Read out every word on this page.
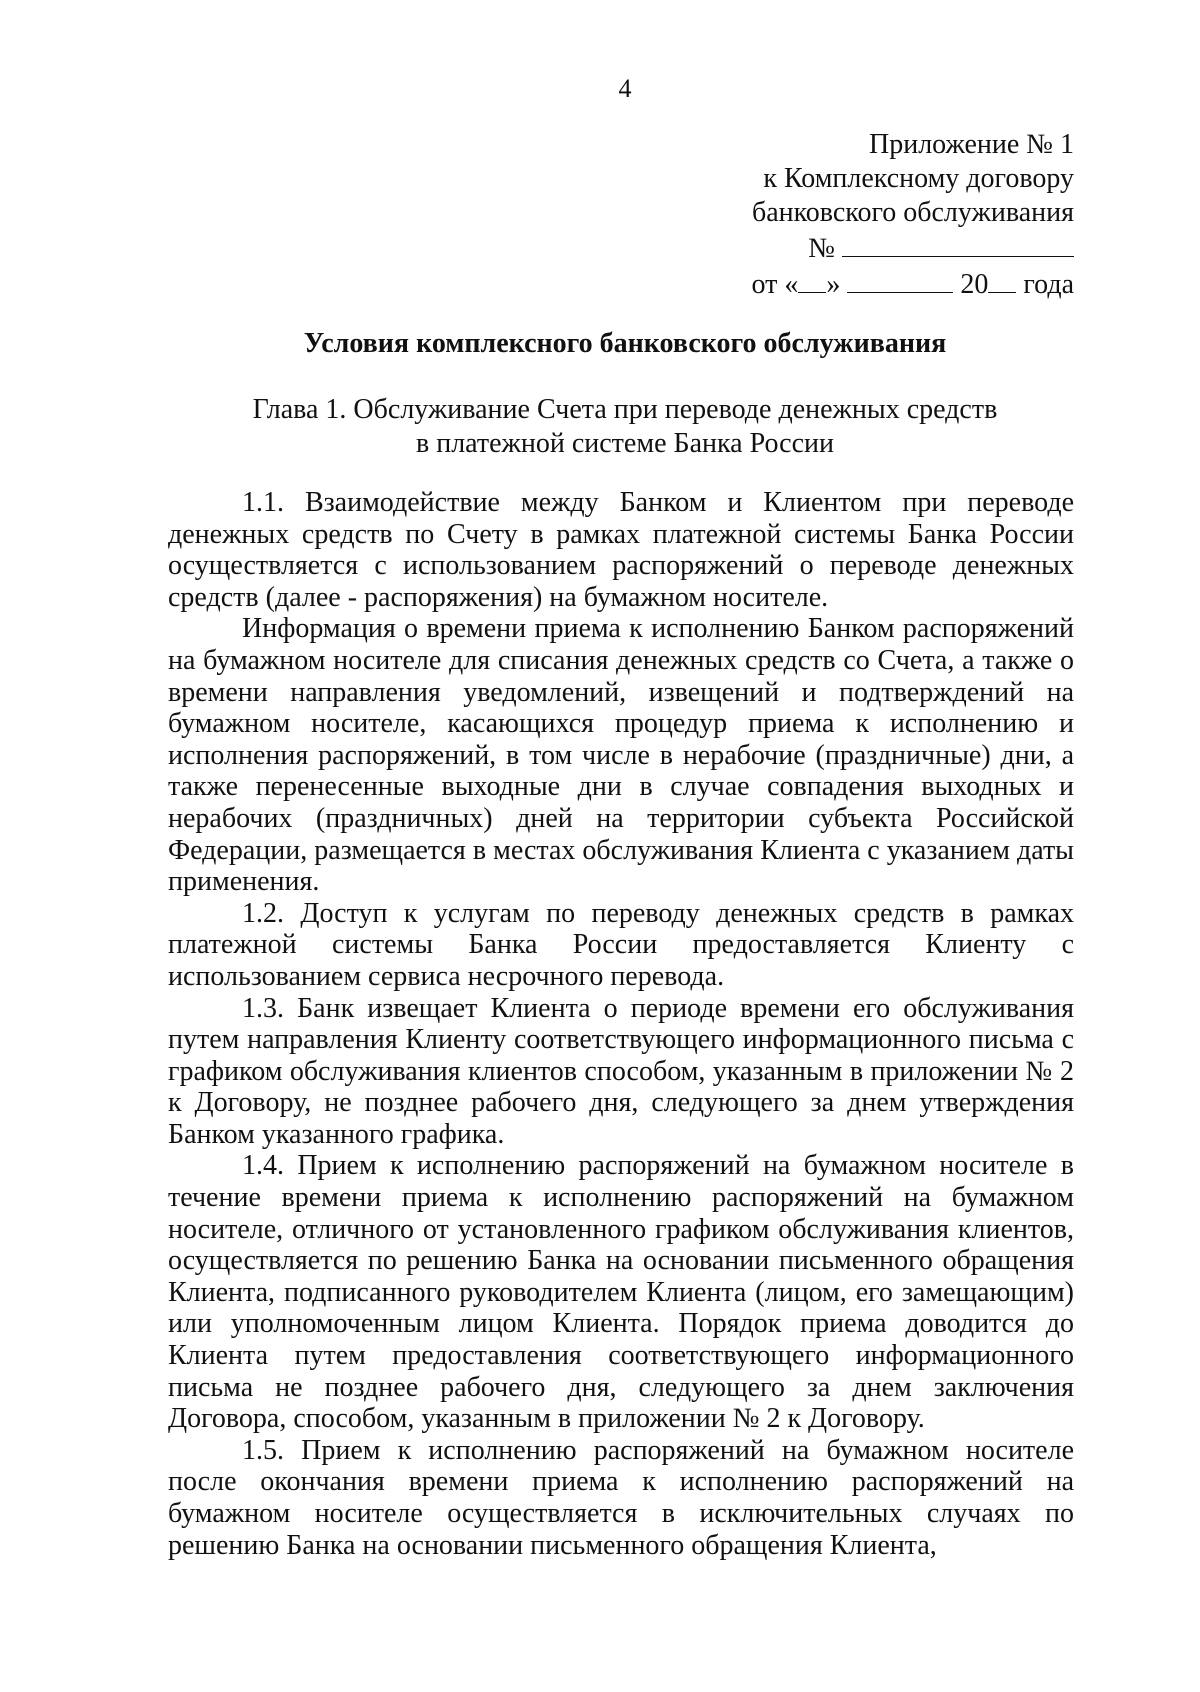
4
Приложение № 1
к Комплексному договору
банковского обслуживания
№
от « »	20 года
Условия комплексного банковского обслуживания
Глава 1. Обслуживание Счета при переводе денежных средств
в платежной системе Банка России

1.1. Взаимодействие между Банком и Клиентом при переводе денежных средств по Счету в рамках платежной системы Банка России осуществляется с использованием распоряжений о переводе денежных средств (далее - распоряжения) на бумажном носителе.

Информация о времени приема к исполнению Банком распоряжений на бумажном носителе для списания денежных средств со Счета, а также о времени направления уведомлений, извещений и подтверждений на бумажном носителе, касающихся процедур приема к исполнению и исполнения распоряжений, в том числе в нерабочие (праздничные) дни, а также перенесенные выходные дни в случае совпадения выходных и нерабочих (праздничных) дней на территории субъекта Российской Федерации, размещается в местах обслуживания Клиента с указанием даты применения.

1.2. Доступ к услугам по переводу денежных средств в рамках платежной системы Банка России предоставляется Клиенту с использованием сервиса несрочного перевода.

1.3. Банк извещает Клиента о периоде времени его обслуживания путем направления Клиенту соответствующего информационного письма с графиком обслуживания клиентов способом, указанным в приложении № 2 к Договору, не позднее рабочего дня, следующего за днем утверждения Банком указанного графика.

1.4. Прием к исполнению распоряжений на бумажном носителе в течение времени приема к исполнению распоряжений на бумажном носителе, отличного от установленного графиком обслуживания клиентов, осуществляется по решению Банка на основании письменного обращения Клиента, подписанного руководителем Клиента (лицом, его замещающим) или уполномоченным лицом Клиента. Порядок приема доводится до Клиента путем предоставления соответствующего информационного письма не позднее рабочего дня, следующего за днем заключения Договора, способом, указанным в приложении № 2 к Договору.

1.5. Прием к исполнению распоряжений на бумажном носителе после окончания времени приема к исполнению распоряжений на бумажном носителе осуществляется в исключительных случаях по решению Банка на основании письменного обращения Клиента,
